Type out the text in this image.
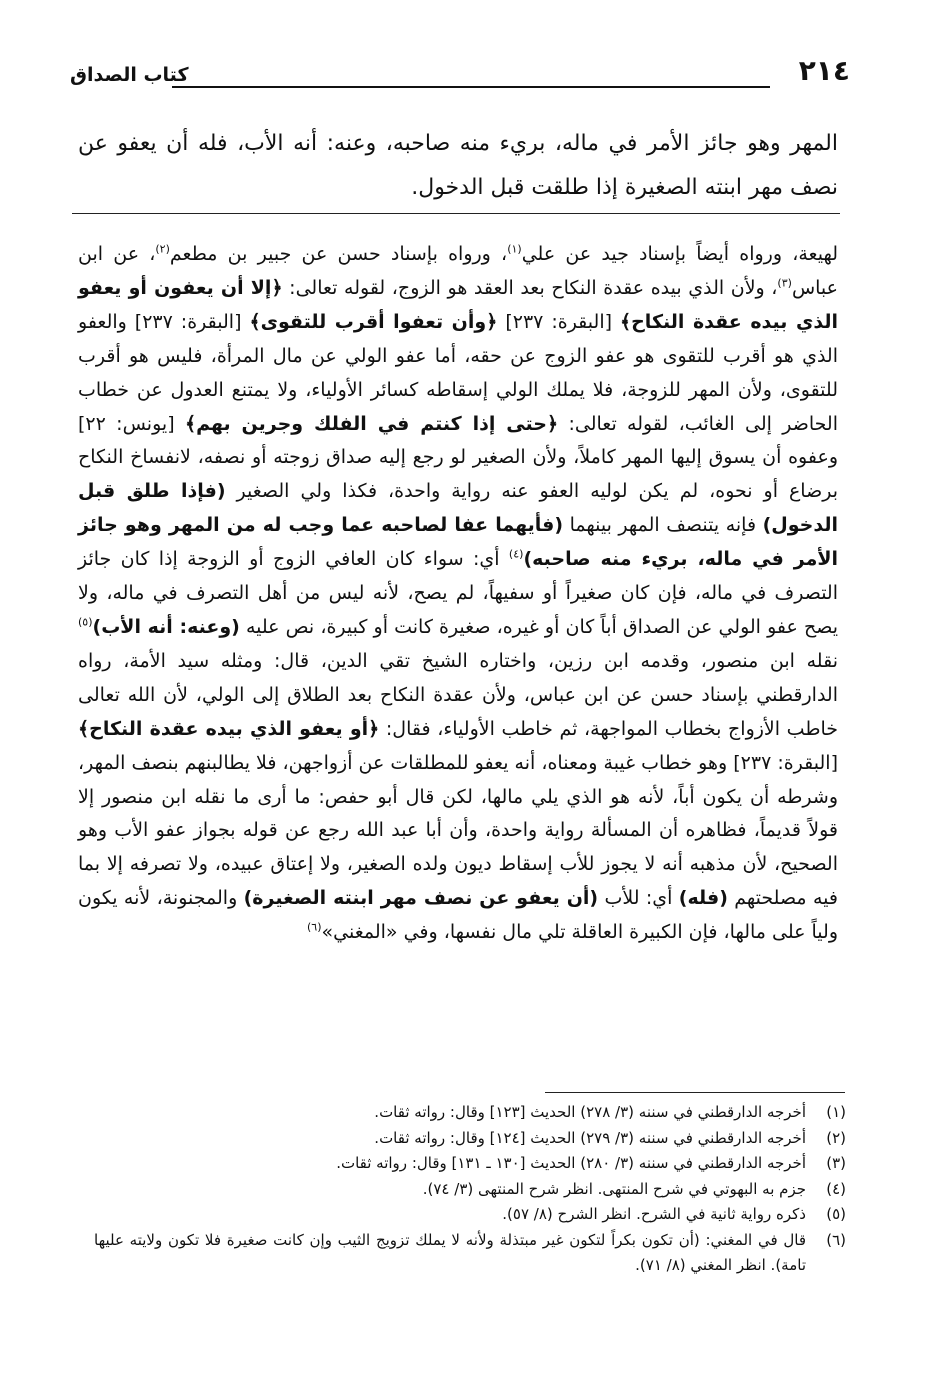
٢١٤
كتاب الصداق

المهر وهو جائز الأمر في ماله، بريء منه صاحبه، وعنه: أنه الأب، فله أن يعفو عن نصف مهر ابنته الصغيرة إذا طلقت قبل الدخول.

لهيعة، ورواه أيضاً بإسناد جيد عن علي$^{(١)}$، ورواه بإسناد حسن عن جبير بن مطعم$^{(٢)}$، عن ابن عباس$^{(٣)}$، ولأن الذي بيده عقدة النكاح بعد العقد هو الزوج، لقوله تعالى: ﴿إلا أن يعفون أو يعفو الذي بيده عقدة النكاح﴾ [البقرة: ٢٣٧] ﴿وأن تعفوا أقرب للتقوى﴾ [البقرة: ٢٣٧] والعفو الذي هو أقرب للتقوى هو عفو الزوج عن حقه، أما عفو الولي عن مال المرأة، فليس هو أقرب للتقوى، ولأن المهر للزوجة، فلا يملك الولي إسقاطه كسائر الأولياء، ولا يمتنع العدول عن خطاب الحاضر إلى الغائب، لقوله تعالى: ﴿حتى إذا كنتم في الفلك وجرين بهم﴾ [يونس: ٢٢] وعفوه أن يسوق إليها المهر كاملاً، ولأن الصغير لو رجع إليه صداق زوجته أو نصفه، لانفساخ النكاح برضاع أو نحوه، لم يكن لوليه العفو عنه رواية واحدة، فكذا ولي الصغير (فإذا طلق قبل الدخول) فإنه يتنصف المهر بينهما (فأيهما عفا لصاحبه عما وجب له من المهر وهو جائز الأمر في ماله، بريء منه صاحبه)$^{(٤)}$ أي: سواء كان العافي الزوج أو الزوجة إذا كان جائز التصرف في ماله، فإن كان صغيراً أو سفيهاً، لم يصح، لأنه ليس من أهل التصرف في ماله، ولا يصح عفو الولي عن الصداق أباً كان أو غيره، صغيرة كانت أو كبيرة، نص عليه (وعنه: أنه الأب)$^{(٥)}$ نقله ابن منصور، وقدمه ابن رزين، واختاره الشيخ تقي الدين، قال: ومثله سيد الأمة، رواه الدارقطني بإسناد حسن عن ابن عباس، ولأن عقدة النكاح بعد الطلاق إلى الولي، لأن الله تعالى خاطب الأزواج بخطاب المواجهة، ثم خاطب الأولياء، فقال: ﴿أو يعفو الذي بيده عقدة النكاح﴾ [البقرة: ٢٣٧] وهو خطاب غيبة ومعناه، أنه يعفو للمطلقات عن أزواجهن، فلا يطالبنهم بنصف المهر، وشرطه أن يكون أباً، لأنه هو الذي يلي مالها، لكن قال أبو حفص: ما أرى ما نقله ابن منصور إلا قولاً قديماً، فظاهره أن المسألة رواية واحدة، وأن أبا عبد الله رجع عن قوله بجواز عفو الأب وهو الصحيح، لأن مذهبه أنه لا يجوز للأب إسقاط ديون ولده الصغير، ولا إعتاق عبيده، ولا تصرفه إلا بما فيه مصلحتهم (فله) أي: للأب (أن يعفو عن نصف مهر ابنته الصغيرة) والمجنونة، لأنه يكون ولياً على مالها، فإن الكبيرة العاقلة تلي مال نفسها، وفي «المغني»$^{(٦)}$

(١)
أخرجه الدارقطني في سننه (٣/ ٢٧٨) الحديث [١٢٣] وقال: رواته ثقات.
(٢)
أخرجه الدارقطني في سننه (٣/ ٢٧٩) الحديث [١٢٤] وقال: رواته ثقات.
(٣)
أخرجه الدارقطني في سننه (٣/ ٢٨٠) الحديث [١٣٠ ـ ١٣١] وقال: رواته ثقات.
(٤)
جزم به البهوتي في شرح المنتهى. انظر شرح المنتهى (٣/ ٧٤).
(٥)
ذكره رواية ثانية في الشرح. انظر الشرح (٨/ ٥٧).
(٦)
قال في المغني: (أن تكون بكراً لتكون غير مبتذلة ولأنه لا يملك تزويج الثيب وإن كانت صغيرة فلا تكون ولايته عليها تامة). انظر المغني (٨/ ٧١).
